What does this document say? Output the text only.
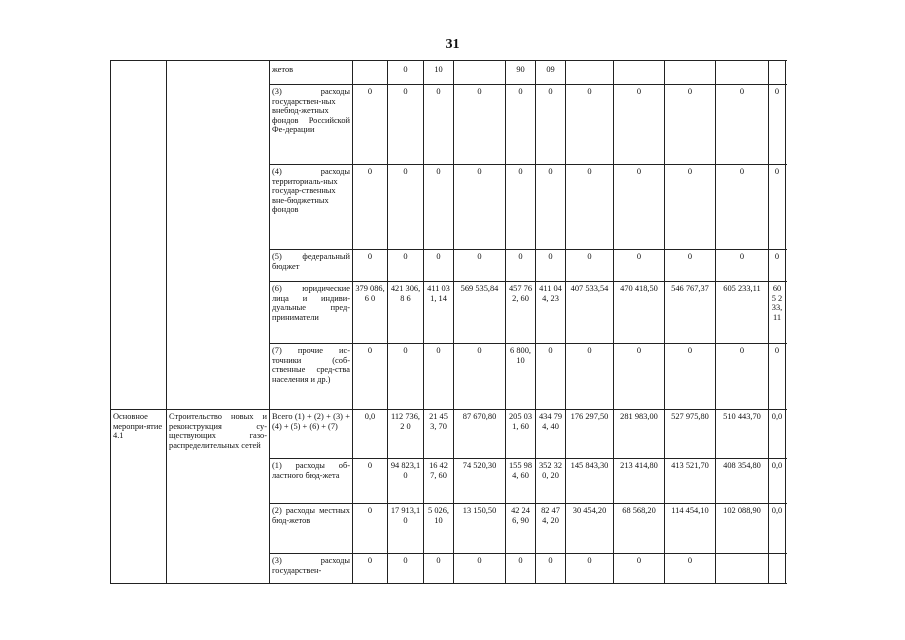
31
		жетов		0	10		90	09					
		(3) расходы государствен-ных внебюд-жетных фондов Российской Фе-дерации	0	0	0	0	0	0	0	0	0	0	0
		(4) расходы территориаль-ных государ-ственных вне-бюджетных фондов	0	0	0	0	0	0	0	0	0	0	0
		(5) федеральный бюджет	0	0	0	0	0	0	0	0	0	0	0
		(6) юридические лица и индиви-дуальные пред-приниматели	379 086,6 0	421 306,8 6	411 031, 14	569 535,84	457 762, 60	411 044, 23	407 533,54	470 418,50	546 767,37	605 233,11	605 233,11
		(7) прочие ис-точники (соб-ственные сред-ства населения и др.)	0	0	0	0	6 800, 10	0	0	0	0	0	0
Основное меропри-ятие 4.1	Строительство новых и реконструкция су-ществующих газо-распределительных сетей	Всего (1) + (2) + (3) + (4) + (5) + (6) + (7)	0,0	112 736,2 0	21 453, 70	87 670,80	205 031, 60	434 794, 40	176 297,50	281 983,00	527 975,80	510 443,70	0,0
		(1) расходы об-ластного бюд-жета	0	94 823,1 0	16 427, 60	74 520,30	155 984, 60	352 320, 20	145 843,30	213 414,80	413 521,70	408 354,80	0,0
		(2) расходы местных бюд-жетов	0	17 913,1 0	5 026, 10	13 150,50	42 246, 90	82 474, 20	30 454,20	68 568,20	114 454,10	102 088,90	0,0
		(3) расходы государствен-	0	0	0	0	0	0	0	0	0		
